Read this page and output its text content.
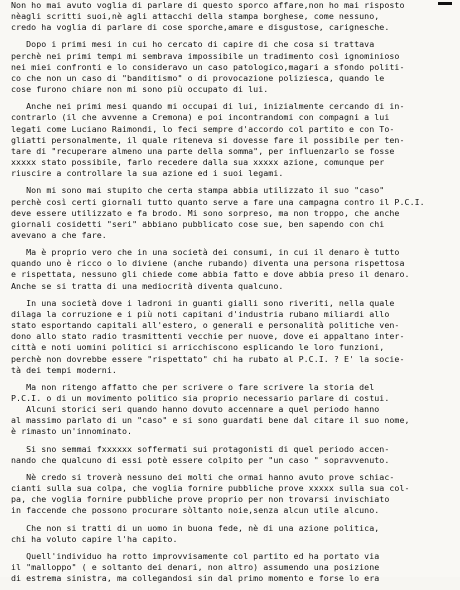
Non ho mai avuto voglia di parlare di questo sporco affare,non ho mai risposto
nèagli scritti suoi,nè agli attacchi della stampa borghese, come nessuno,
credo ha voglia di parlare di cose sporche,amare e disgustose, carignesche.
Dopo i primi mesi in cui ho cercato di capire di che cosa si trattava
perchè nei primi tempi mi sembrava impossibile un tradimento così ignominioso
nei miei confronti e lo consideravo un caso patologico,magari a sfondo politi-
co che non un caso di "banditismo" o di provocazione poliziesca, quando le
cose furono chiare non mi sono più occupato di lui.
Anche nei primi mesi quando mi occupai di lui, inizialmente cercando di in-
contrarlo (il che avvenne a Cremona) e poi incontrandomi con compagni a lui
legati come Luciano Raimondi, lo feci sempre d'accordo col partito e con To-
gliatti personalmente, il quale riteneva si dovesse fare il possibile per ten-
tare di "recuperare almeno una parte della somma", per influenzarlo se fosse
xxxxx stato possibile, farlo recedere dalla sua xxxxx azione, comunque per
riuscire a controllare la sua azione ed i suoi legami.
Non mi sono mai stupito che certa stampa abbia utilizzato il suo "caso"
perchè così certi giornali tutto quanto serve a fare una campagna contro il P.C.I.
deve essere utilizzato e fa brodo. Mi sono sorpreso, ma non troppo, che anche
giornali cosidetti "seri" abbiano pubblicato cose sue, ben sapendo con chi
avevano a che fare.
Ma è proprio vero che in una società dei consumi, in cui il denaro è tutto
quando uno è ricco o lo diviene (anche rubando) diventa una persona rispettosa
e rispettata, nessuno gli chiede come abbia fatto e dove abbia preso il denaro.
Anche se si tratta di una mediocrità diventa qualcuno.
In una società dove i ladroni in guanti gialli sono riveriti, nella quale
dilaga la corruzione e i più noti capitani d'industria rubano miliardi allo
stato esportando capitali all'estero, o generali e personalità politiche ven-
dono allo stato radio trasmittenti vecchie per nuove, dove ei appaltano inter-
città e noti uomini politici si arricchiscono esplicando le loro funzioni,
perchè non dovrebbe essere "rispettato" chi ha rubato al P.C.I. ? E' la socie-
tà dei tempi moderni.
Ma non ritengo affatto che per scrivere o fare scrivere la storia del
P.C.I. o di un movimento politico sia proprio necessario parlare di costui.
Alcuni storici seri quando hanno dovuto accennare a quel periodo hanno
al massimo parlato di un "caso" e si sono guardati bene dal citare il suo nome,
è rimasto un'innominato.
Si sno semmai fxxxxxx soffermati sui protagonisti di quel periodo accen-
nando che qualcuno di essi potè essere colpito per "un caso " sopravvenuto.
Nè credo si troverà nessuno dei molti che ormai hanno avuto prove schiac-
cianti sulla sua colpa, che voglia fornire pubbliche prove xxxxx sulla sua col-
pa, che voglia fornire pubbliche prove proprio per non trovarsi invischiato
in faccende che possono procurare sòltanto noie,senza alcun utile alcuno.
Che non si tratti di un uomo in buona fede, nè di una azione politica,
chi ha voluto capire l'ha capito.
Quell'individuo ha rotto improvvisamente col partito ed ha portato via
il "malloppo" ( e soltanto dei denari, non altro) assumendo una posizione
di estrema sinistra, ma collegandosi sin dal primo momento e forse lo era
